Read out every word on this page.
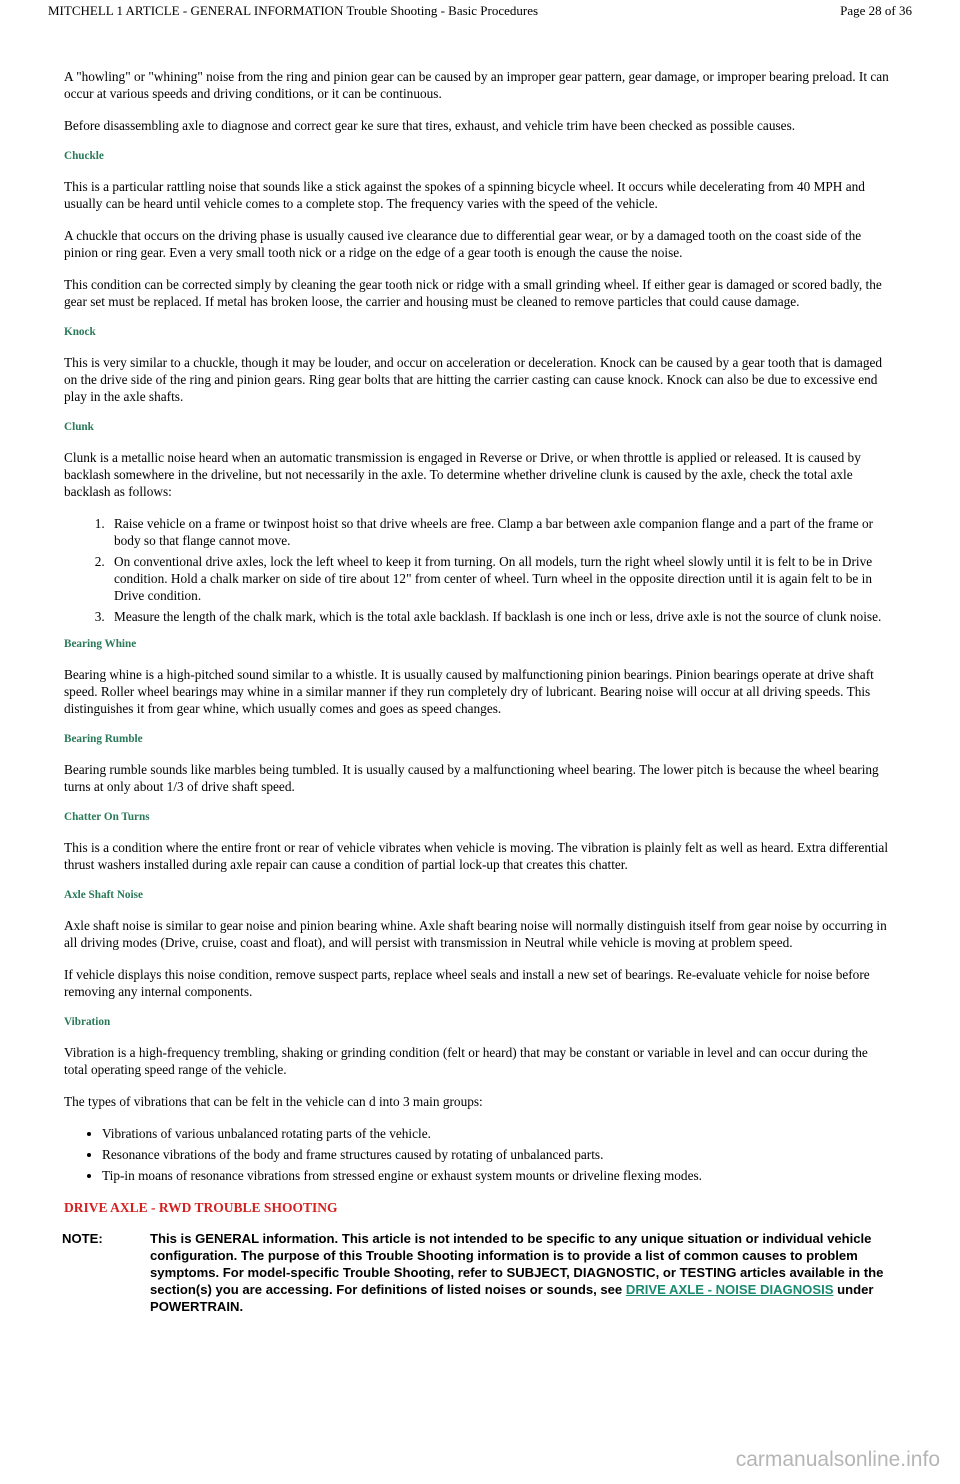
MITCHELL 1 ARTICLE - GENERAL INFORMATION Trouble Shooting - Basic Procedures	Page 28 of 36

A "howling" or "whining" noise from the ring and pinion gear can be caused by an improper gear pattern, gear damage, or improper bearing preload. It can occur at various speeds and driving conditions, or it can be continuous.

Before disassembling axle to diagnose and correct gear ke sure that tires, exhaust, and vehicle trim have been checked as possible causes.

Chuckle

This is a particular rattling noise that sounds like a stick against the spokes of a spinning bicycle wheel. It occurs while decelerating from 40 MPH and usually can be heard until vehicle comes to a complete stop. The frequency varies with the speed of the vehicle.

A chuckle that occurs on the driving phase is usually caused ive clearance due to differential gear wear, or by a damaged tooth on the coast side of the pinion or ring gear. Even a very small tooth nick or a ridge on the edge of a gear tooth is enough the cause the noise.

This condition can be corrected simply by cleaning the gear tooth nick or ridge with a small grinding wheel. If either gear is damaged or scored badly, the gear set must be replaced. If metal has broken loose, the carrier and housing must be cleaned to remove particles that could cause damage.

Knock

This is very similar to a chuckle, though it may be louder, and occur on acceleration or deceleration. Knock can be caused by a gear tooth that is damaged on the drive side of the ring and pinion gears. Ring gear bolts that are hitting the carrier casting can cause knock. Knock can also be due to excessive end play in the axle shafts.

Clunk

Clunk is a metallic noise heard when an automatic transmission is engaged in Reverse or Drive, or when throttle is applied or released. It is caused by backlash somewhere in the driveline, but not necessarily in the axle. To determine whether driveline clunk is caused by the axle, check the total axle backlash as follows:

1. Raise vehicle on a frame or twinpost hoist so that drive wheels are free. Clamp a bar between axle companion flange and a part of the frame or body so that flange cannot move.
2. On conventional drive axles, lock the left wheel to keep it from turning. On all models, turn the right wheel slowly until it is felt to be in Drive condition. Hold a chalk marker on side of tire about 12" from center of wheel. Turn wheel in the opposite direction until it is again felt to be in Drive condition.
3. Measure the length of the chalk mark, which is the total axle backlash. If backlash is one inch or less, drive axle is not the source of clunk noise.
Bearing Whine

Bearing whine is a high-pitched sound similar to a whistle. It is usually caused by malfunctioning pinion bearings. Pinion bearings operate at drive shaft speed. Roller wheel bearings may whine in a similar manner if they run completely dry of lubricant. Bearing noise will occur at all driving speeds. This distinguishes it from gear whine, which usually comes and goes as speed changes.

Bearing Rumble

Bearing rumble sounds like marbles being tumbled. It is usually caused by a malfunctioning wheel bearing. The lower pitch is because the wheel bearing turns at only about 1/3 of drive shaft speed.

Chatter On Turns

This is a condition where the entire front or rear of vehicle vibrates when vehicle is moving. The vibration is plainly felt as well as heard. Extra differential thrust washers installed during axle repair can cause a condition of partial lock-up that creates this chatter.

Axle Shaft Noise

Axle shaft noise is similar to gear noise and pinion bearing whine. Axle shaft bearing noise will normally distinguish itself from gear noise by occurring in all driving modes (Drive, cruise, coast and float), and will persist with transmission in Neutral while vehicle is moving at problem speed.

If vehicle displays this noise condition, remove suspect parts, replace wheel seals and install a new set of bearings. Re-evaluate vehicle for noise before removing any internal components.

Vibration

Vibration is a high-frequency trembling, shaking or grinding condition (felt or heard) that may be constant or variable in level and can occur during the total operating speed range of the vehicle.

The types of vibrations that can be felt in the vehicle can d into 3 main groups:

• Vibrations of various unbalanced rotating parts of the vehicle.
• Resonance vibrations of the body and frame structures caused by rotating of unbalanced parts.
• Tip-in moans of resonance vibrations from stressed engine or exhaust system mounts or driveline flexing modes.
DRIVE AXLE - RWD TROUBLE SHOOTING
NOTE:	This is GENERAL information. This article is not intended to be specific to any unique situation or individual vehicle configuration. The purpose of this Trouble Shooting information is to provide a list of common causes to problem symptoms. For model-specific Trouble Shooting, refer to SUBJECT, DIAGNOSTIC, or TESTING articles available in the section(s) you are accessing. For definitions of listed noises or sounds, see DRIVE AXLE - NOISE DIAGNOSIS under POWERTRAIN.
carmanualsonline.info
